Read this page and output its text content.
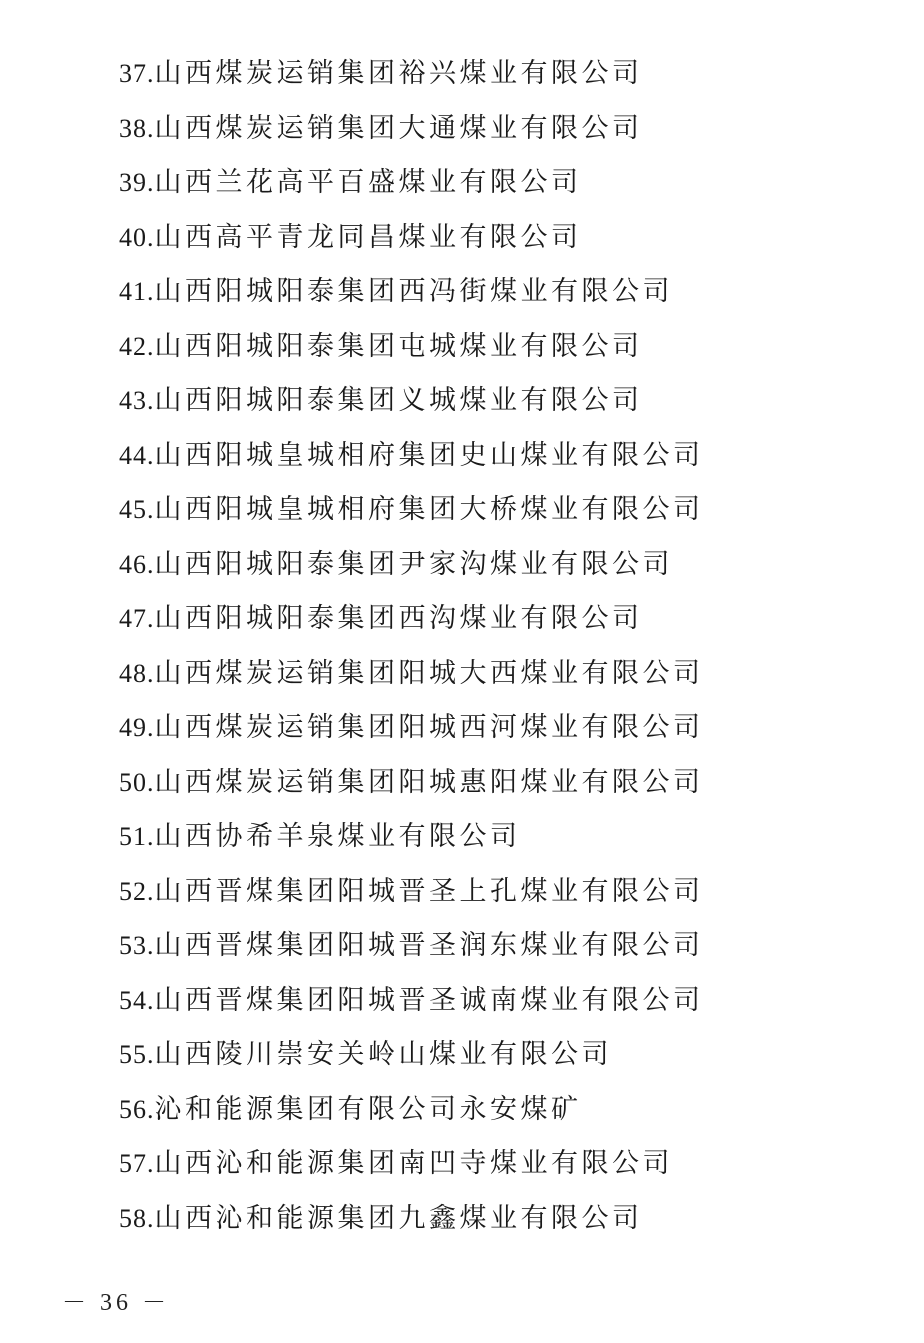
37.山西煤炭运销集团裕兴煤业有限公司
38.山西煤炭运销集团大通煤业有限公司
39.山西兰花高平百盛煤业有限公司
40.山西高平青龙同昌煤业有限公司
41.山西阳城阳泰集团西冯街煤业有限公司
42.山西阳城阳泰集团屯城煤业有限公司
43.山西阳城阳泰集团义城煤业有限公司
44.山西阳城皇城相府集团史山煤业有限公司
45.山西阳城皇城相府集团大桥煤业有限公司
46.山西阳城阳泰集团尹家沟煤业有限公司
47.山西阳城阳泰集团西沟煤业有限公司
48.山西煤炭运销集团阳城大西煤业有限公司
49.山西煤炭运销集团阳城西河煤业有限公司
50.山西煤炭运销集团阳城惠阳煤业有限公司
51.山西协希羊泉煤业有限公司
52.山西晋煤集团阳城晋圣上孔煤业有限公司
53.山西晋煤集团阳城晋圣润东煤业有限公司
54.山西晋煤集团阳城晋圣诚南煤业有限公司
55.山西陵川崇安关岭山煤业有限公司
56.沁和能源集团有限公司永安煤矿
57.山西沁和能源集团南凹寺煤业有限公司
58.山西沁和能源集团九鑫煤业有限公司
－ 36 －
